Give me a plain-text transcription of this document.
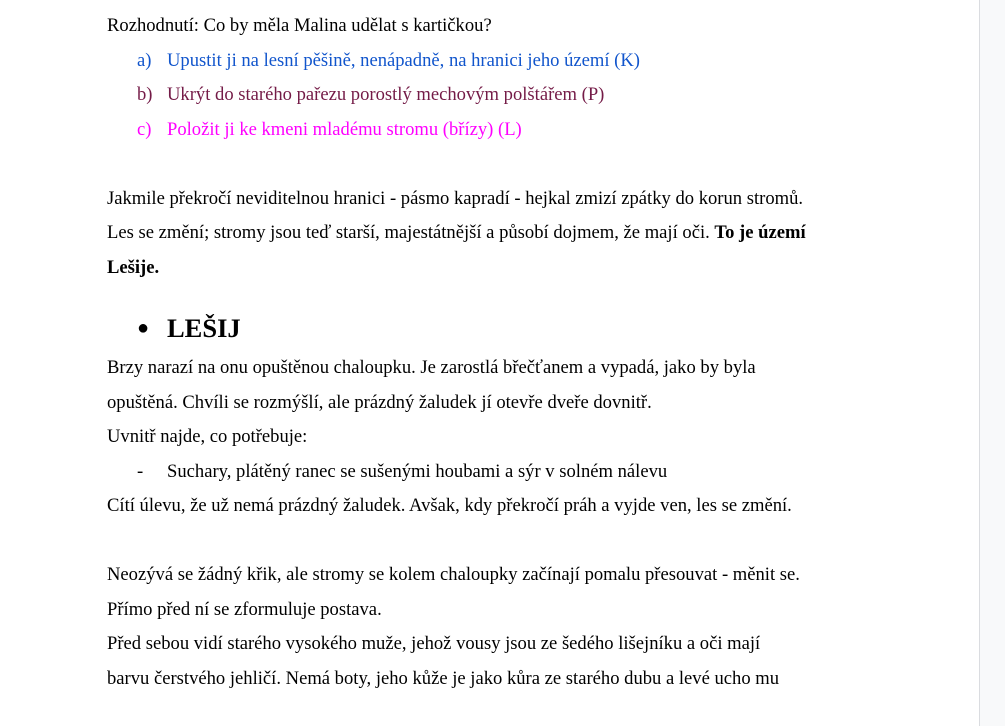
Rozhodnutí: Co by měla Malina udělat s kartičkou?
a) Upustit ji na lesní pěšině, nenápadně, na hranici jeho území (K)
b) Ukrýt do starého pařezu porostlý mechovým polštářem (P)
c) Položit ji ke kmeni mladému stromu (břízy) (L)
Jakmile překročí neviditelnou hranici - pásmo kapradí - hejkal zmizí zpátky do korun stromů.
Les se změní; stromy jsou teď starší, majestátnější a působí dojmem, že mají oči. To je území
Lešije.
● LEŠIJ
Brzy narazí na onu opuštěnou chaloupku. Je zarostlá břečťanem a vypadá, jako by byla
opuštěná. Chvíli se rozmýšlí, ale prázdný žaludek jí otevře dveře dovnitř.
Uvnitř najde, co potřebuje:
-	Suchary, plátěný ranec se sušenými houbami a sýr v solném nálevu
Cítí úlevu, že už nemá prázdný žaludek. Avšak, kdy překročí práh a vyjde ven, les se změní.
Neozývá se žádný křik, ale stromy se kolem chaloupky začínají pomalu přesouvat - měnit se.
Přímo před ní se zformuluje postava.
Před sebou vidí starého vysokého muže, jehož vousy jsou ze šedého lišejníku a oči mají
barvu čerstvého jehličí. Nemá boty, jeho kůže je jako kůra ze starého dubu a levé ucho mu
